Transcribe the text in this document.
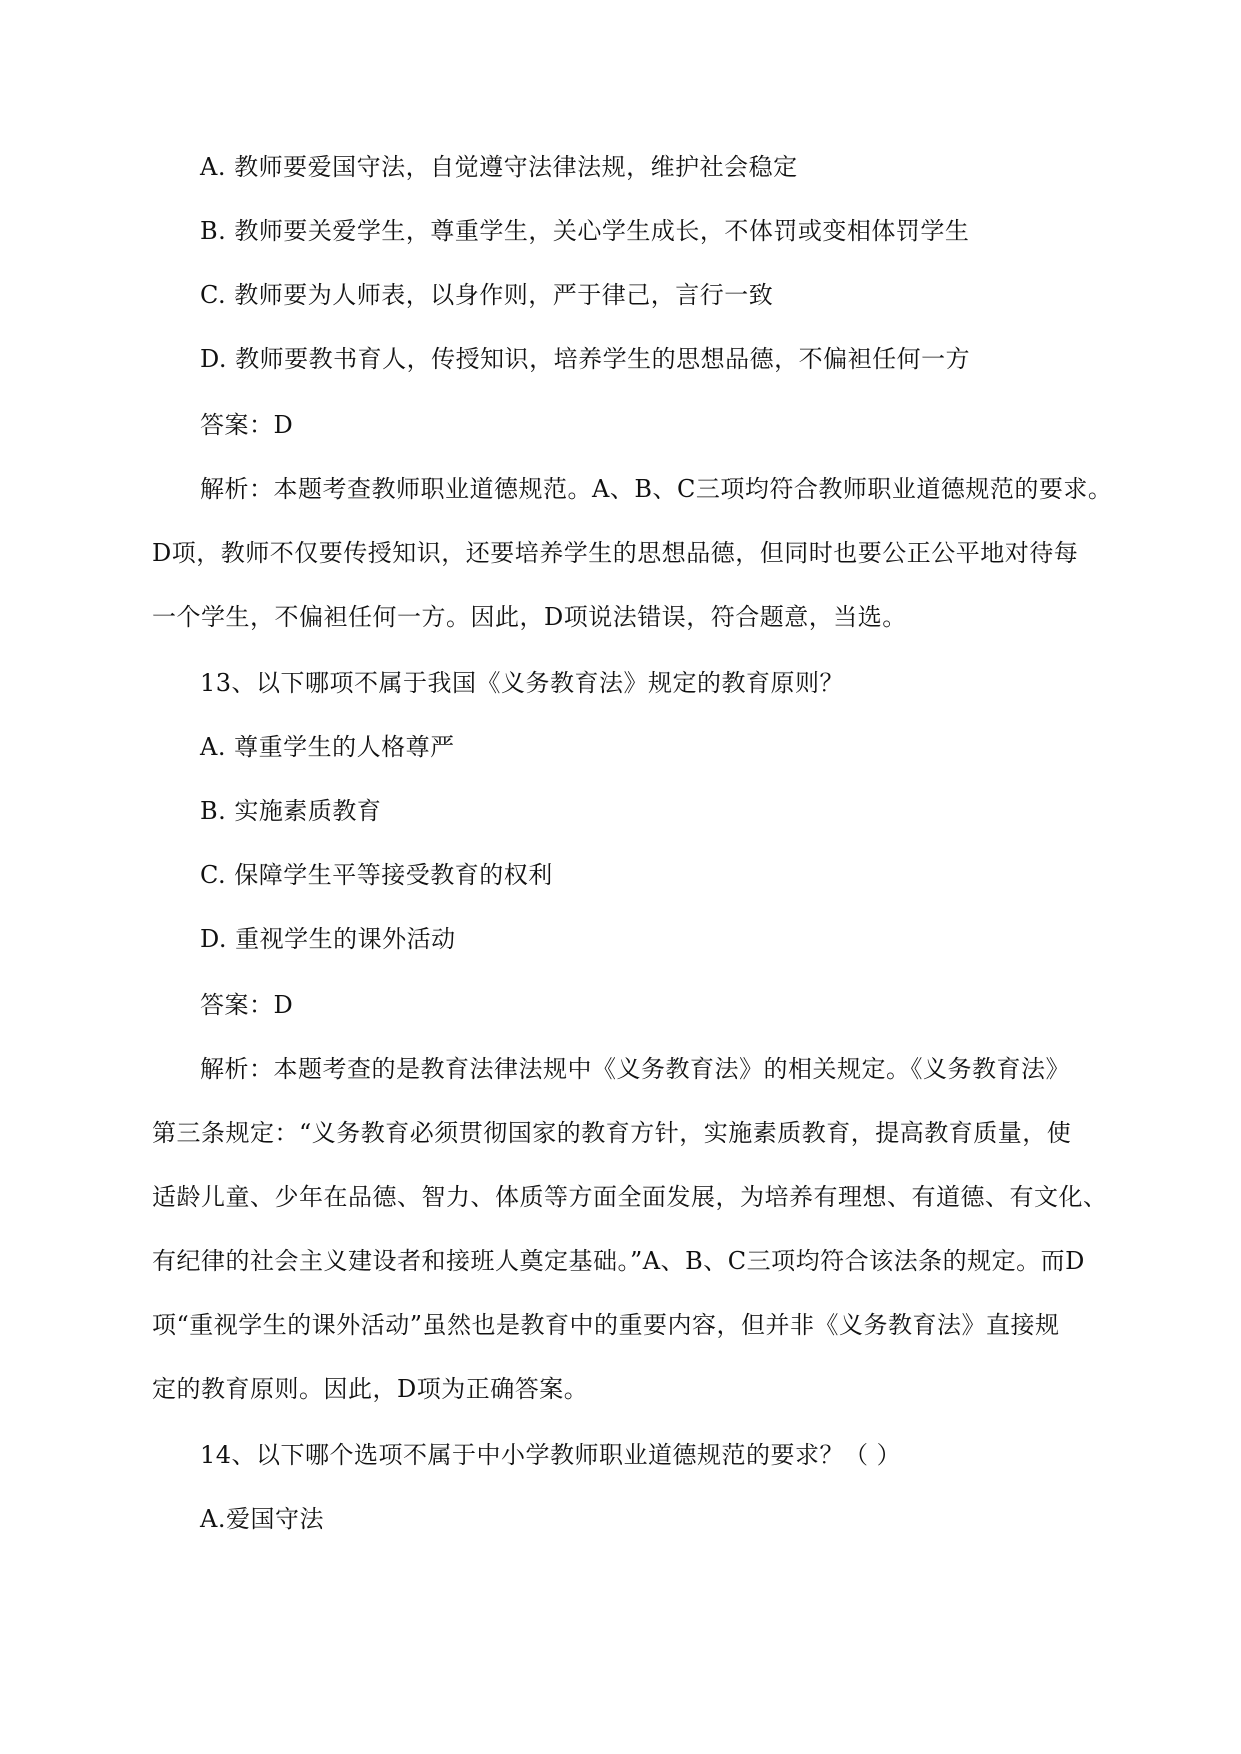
A. 教师要爱国守法，自觉遵守法律法规，维护社会稳定
B. 教师要关爱学生，尊重学生，关心学生成长，不体罚或变相体罚学生
C. 教师要为人师表，以身作则，严于律己，言行一致
D. 教师要教书育人，传授知识，培养学生的思想品德，不偏袒任何一方
答案：D
解析：本题考查教师职业道德规范。A、B、C三项均符合教师职业道德规范的要求。
D项，教师不仅要传授知识，还要培养学生的思想品德，但同时也要公正公平地对待每
一个学生，不偏袒任何一方。因此，D项说法错误，符合题意，当选。
13、以下哪项不属于我国《义务教育法》规定的教育原则？
A. 尊重学生的人格尊严
B. 实施素质教育
C. 保障学生平等接受教育的权利
D. 重视学生的课外活动
答案：D
解析：本题考查的是教育法律法规中《义务教育法》的相关规定。《义务教育法》
第三条规定：“义务教育必须贯彻国家的教育方针，实施素质教育，提高教育质量，使
适龄儿童、少年在品德、智力、体质等方面全面发展，为培养有理想、有道德、有文化、
有纪律的社会主义建设者和接班人奠定基础。”A、B、C三项均符合该法条的规定。而D
项“重视学生的课外活动”虽然也是教育中的重要内容，但并非《义务教育法》直接规
定的教育原则。因此，D项为正确答案。
14、以下哪个选项不属于中小学教师职业道德规范的要求？（ ）
A.爱国守法
